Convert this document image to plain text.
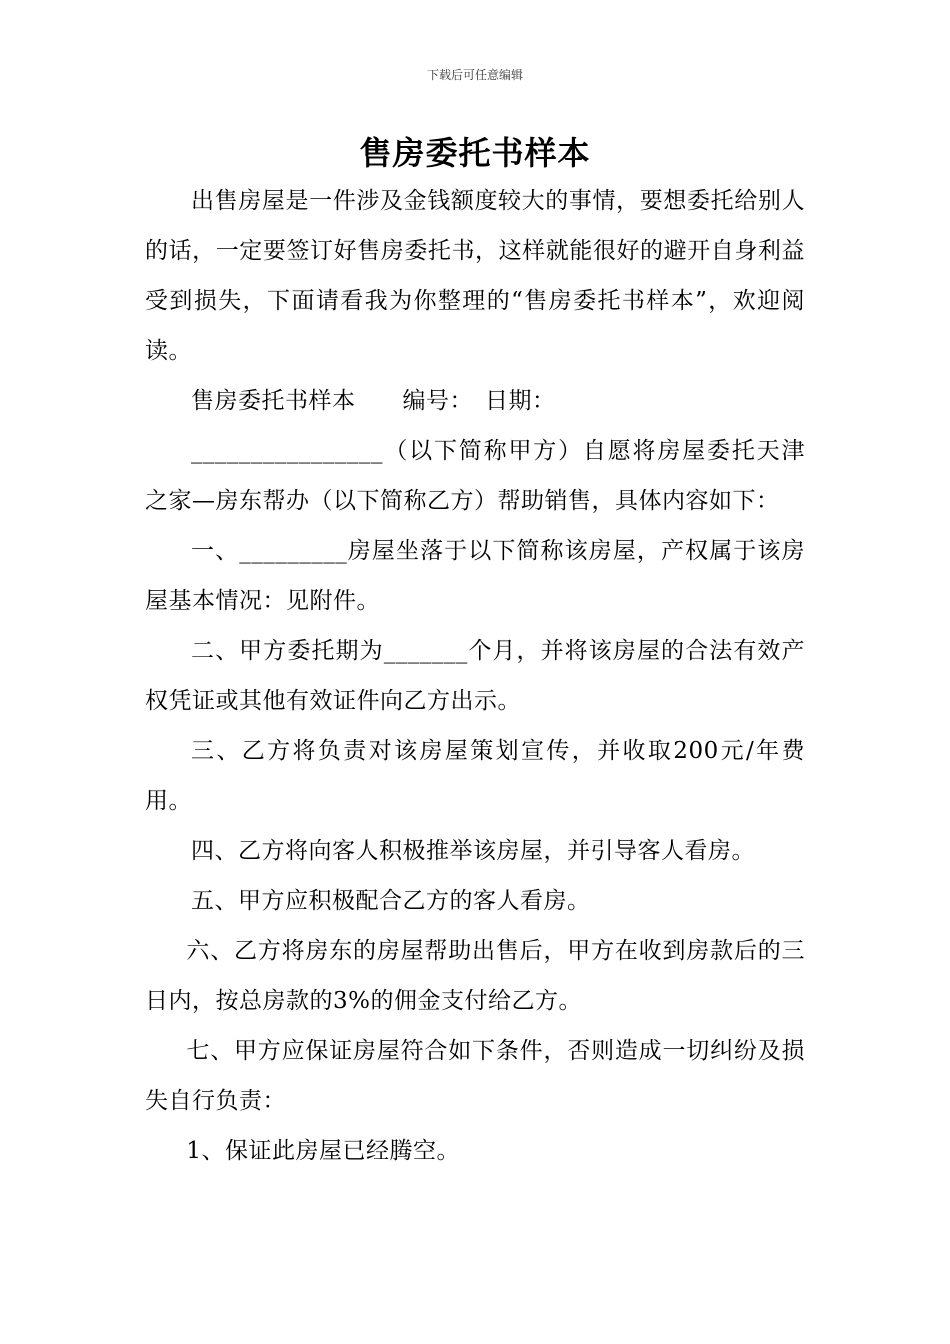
下载后可任意编辑
售房委托书样本

出售房屋是一件涉及金钱额度较大的事情，要想委托给别人的话，一定要签订好售房委托书，这样就能很好的避开自身利益受到损失，下面请看我为你整理的“售房委托书样本”，欢迎阅读。

售房委托书样本　　编号：　日期：

________________（以下简称甲方）自愿将房屋委托天津之家—房东帮办（以下简称乙方）帮助销售，具体内容如下：

一、_________房屋坐落于以下简称该房屋，产权属于该房屋基本情况：见附件。

二、甲方委托期为_______个月，并将该房屋的合法有效产权凭证或其他有效证件向乙方出示。

三、乙方将负责对该房屋策划宣传，并收取200元/年费用。

四、乙方将向客人积极推举该房屋，并引导客人看房。

五、甲方应积极配合乙方的客人看房。

六、乙方将房东的房屋帮助出售后，甲方在收到房款后的三日内，按总房款的3%的佣金支付给乙方。

七、甲方应保证房屋符合如下条件，否则造成一切纠纷及损失自行负责：

1、保证此房屋已经腾空。
